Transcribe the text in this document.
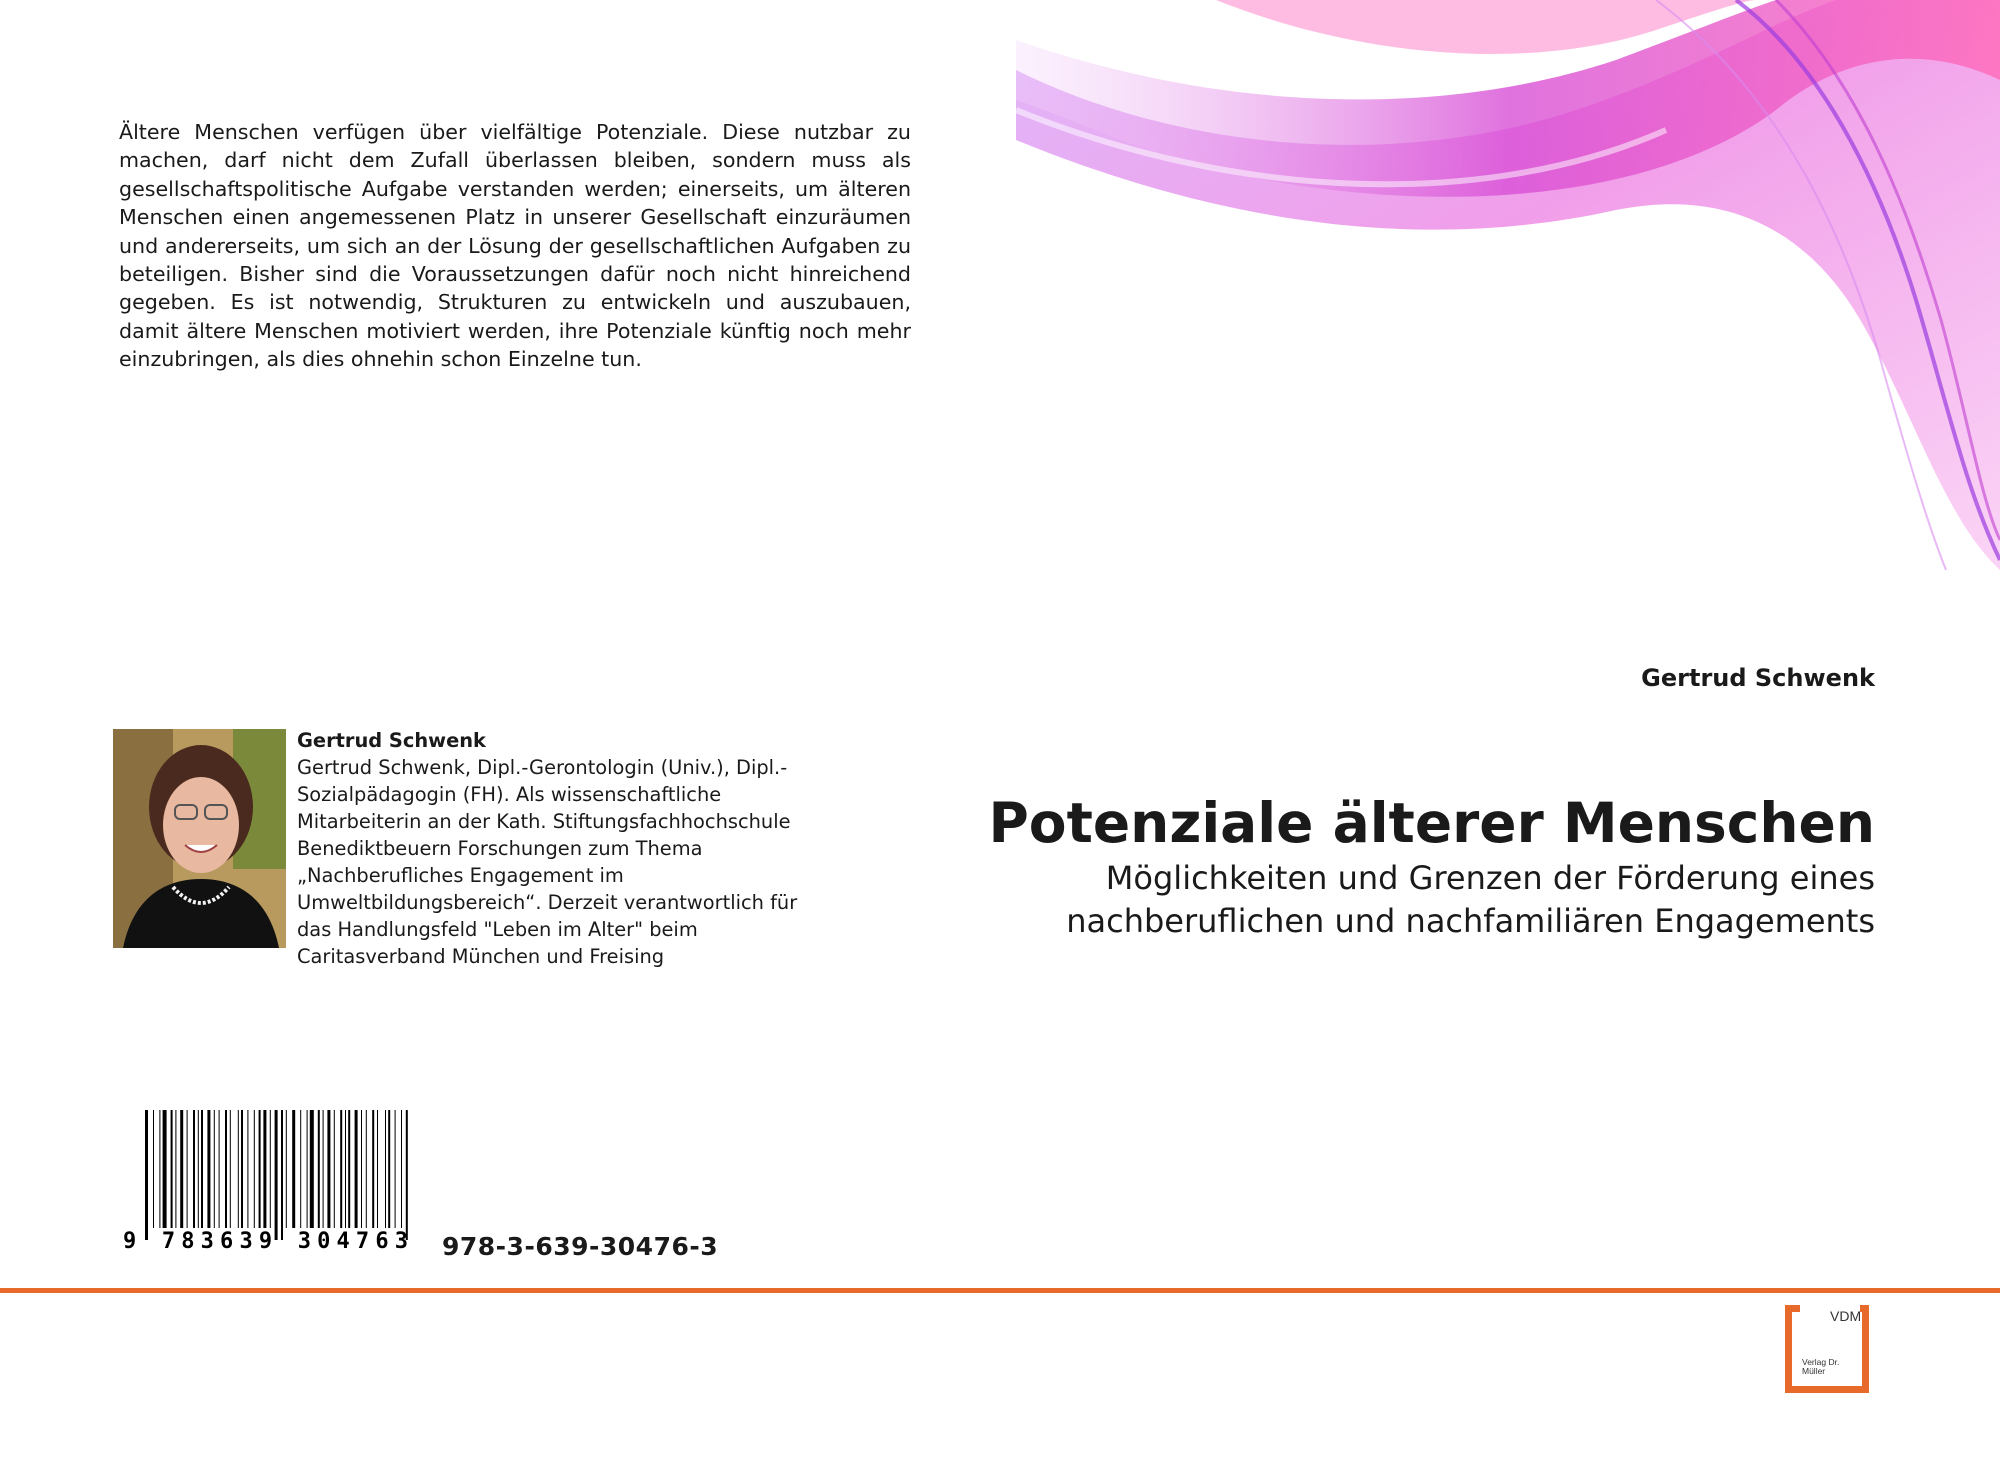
Ältere Menschen verfügen über vielfältige Potenziale. Diese nutzbar zu machen, darf nicht dem Zufall überlassen bleiben, sondern muss als gesellschaftspolitische Aufgabe verstanden werden; einerseits, um älteren Menschen einen angemessenen Platz in unserer Gesellschaft einzuräumen und andererseits, um sich an der Lösung der gesellschaftlichen Aufgaben zu beteiligen. Bisher sind die Voraussetzungen dafür noch nicht hinreichend gegeben. Es ist notwendig, Strukturen zu entwickeln und auszubauen, damit ältere Menschen motiviert werden, ihre Potenziale künftig noch mehr einzubringen, als dies ohnehin schon Einzelne tun.

Gertrud Schwenk

Gertrud Schwenk
Gertrud Schwenk, Dipl.-Gerontologin (Univ.), Dipl.-Sozialpädagogin (FH). Als wissenschaftliche Mitarbeiterin an der Kath. Stiftungsfachhochschule Benediktbeuern Forschungen zum Thema „Nachberufliches Engagement im Umweltbildungsbereich“. Derzeit verantwortlich für das Handlungsfeld "Leben im Alter" beim Caritasverband München und Freising

Potenziale älterer Menschen

Möglichkeiten und Grenzen der Förderung eines nachberuflichen und nachfamiliären Engagements

9 783639 304763 978-3-639-30476-3

VDM

Verlag Dr. Müller
